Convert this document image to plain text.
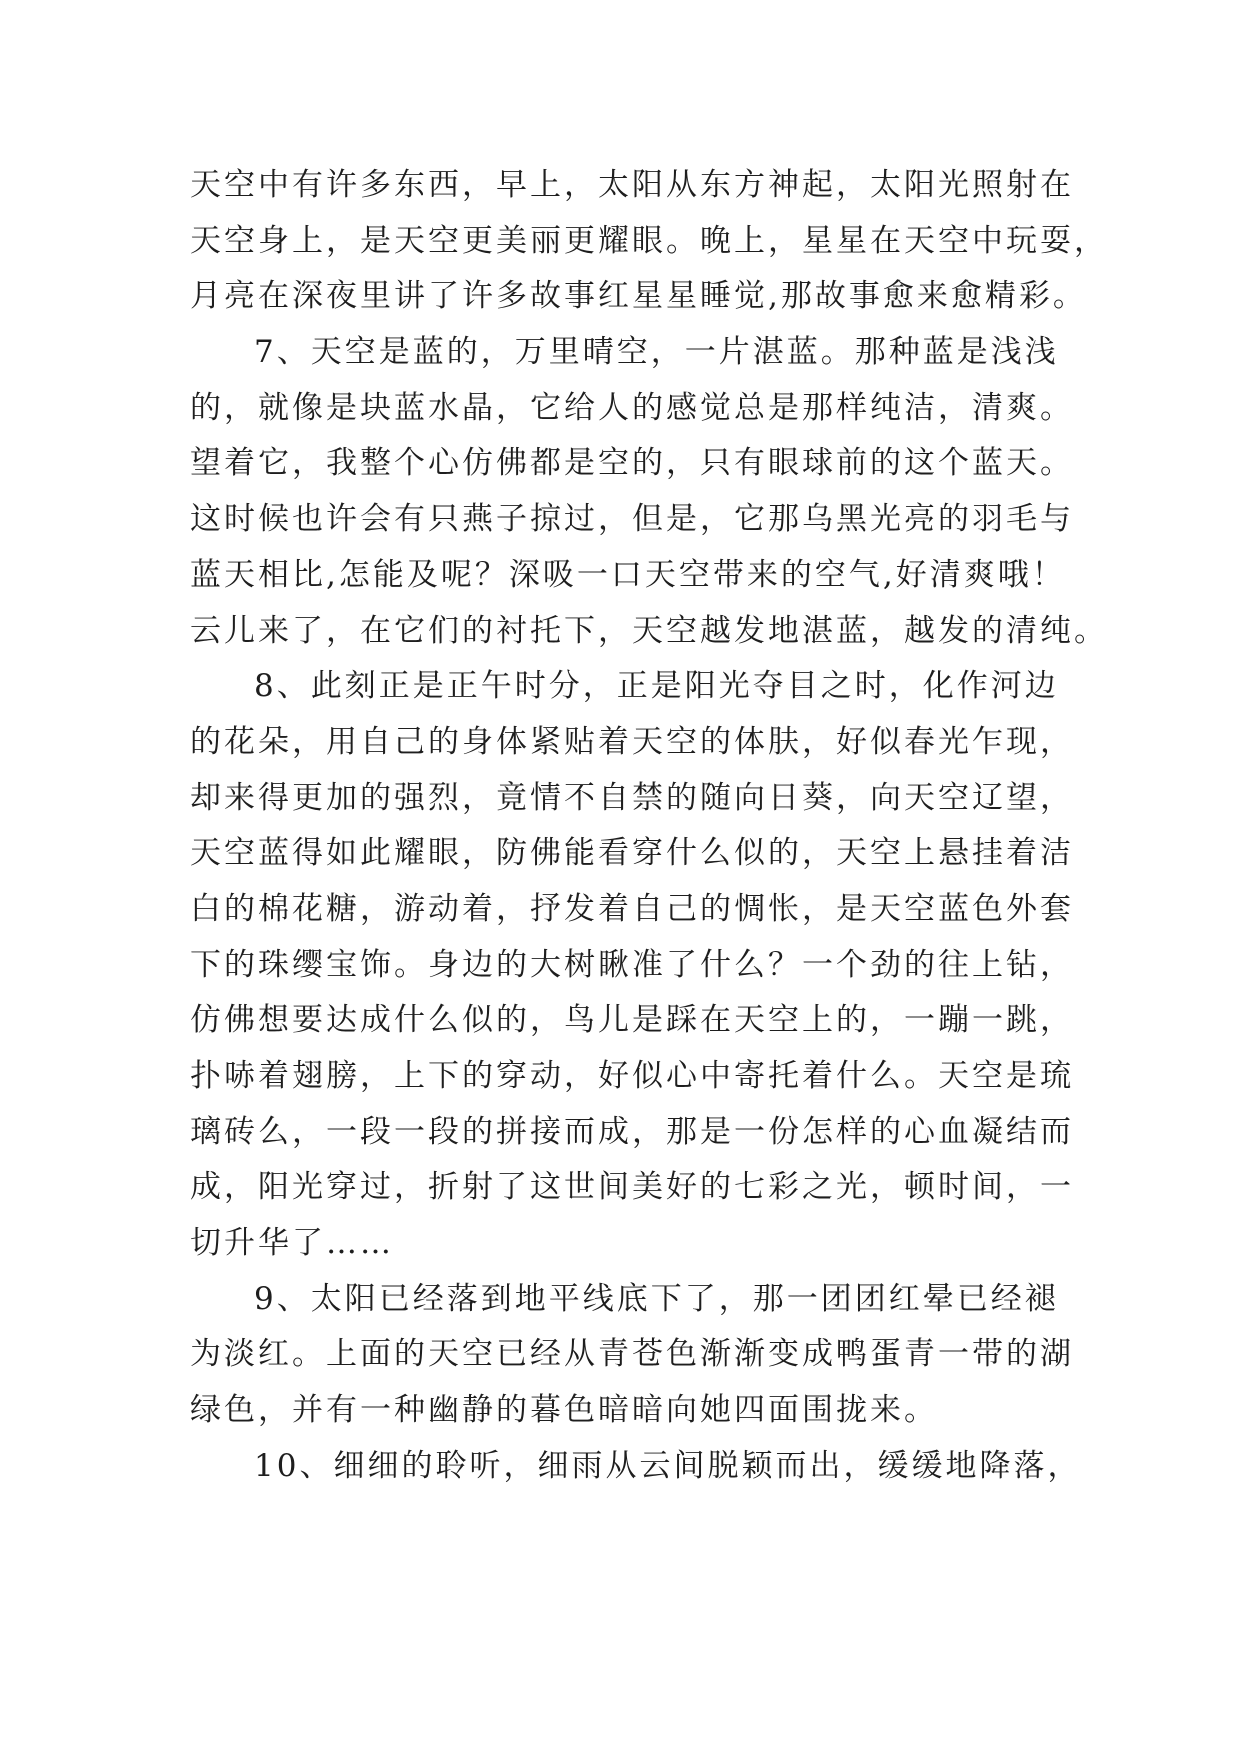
天空中有许多东西，早上，太阳从东方神起，太阳光照射在
天空身上，是天空更美丽更耀眼。晚上，星星在天空中玩耍，
月亮在深夜里讲了许多故事红星星睡觉,那故事愈来愈精彩。
7、天空是蓝的，万里晴空，一片湛蓝。那种蓝是浅浅
的，就像是块蓝水晶，它给人的感觉总是那样纯洁，清爽。
望着它，我整个心仿佛都是空的，只有眼球前的这个蓝天。
这时候也许会有只燕子掠过，但是，它那乌黑光亮的羽毛与
蓝天相比,怎能及呢？深吸一口天空带来的空气,好清爽哦！
云儿来了，在它们的衬托下，天空越发地湛蓝，越发的清纯。
8、此刻正是正午时分，正是阳光夺目之时，化作河边
的花朵，用自己的身体紧贴着天空的体肤，好似春光乍现，
却来得更加的强烈，竟情不自禁的随向日葵，向天空辽望，
天空蓝得如此耀眼，防佛能看穿什么似的，天空上悬挂着洁
白的棉花糖，游动着，抒发着自己的惆怅，是天空蓝色外套
下的珠缨宝饰。身边的大树瞅准了什么？一个劲的往上钻，
仿佛想要达成什么似的，鸟儿是踩在天空上的，一蹦一跳，
扑哧着翅膀，上下的穿动，好似心中寄托着什么。天空是琉
璃砖么，一段一段的拼接而成，那是一份怎样的心血凝结而
成，阳光穿过，折射了这世间美好的七彩之光，顿时间，一
切升华了……
9、太阳已经落到地平线底下了，那一团团红晕已经褪
为淡红。上面的天空已经从青苍色渐渐变成鸭蛋青一带的湖
绿色，并有一种幽静的暮色暗暗向她四面围拢来。
10、细细的聆听，细雨从云间脱颖而出，缓缓地降落，
